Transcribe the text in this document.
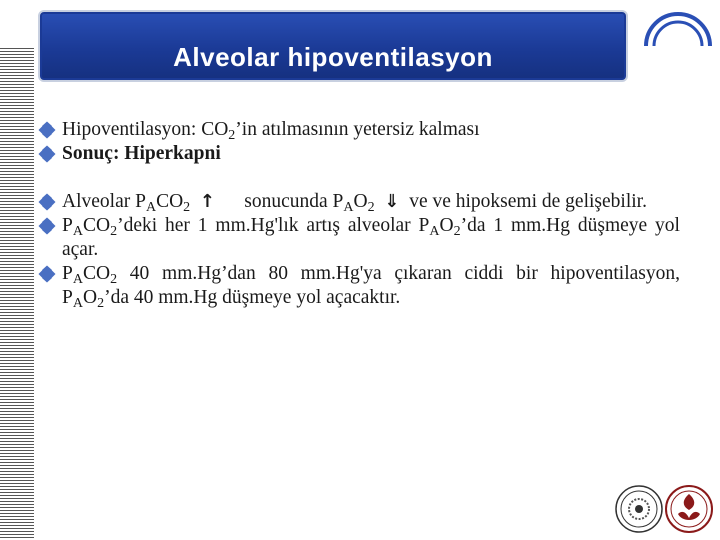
Alveolar hipoventilasyon
Hipoventilasyon: $CO_2’in$ atılmasının yetersiz kalması
Sonuç: Hiperkapni
Alveolar $P_ACO_2$ ↑ sonucunda $P_AO_2$ ⇓ ve ve hipoksemi de gelişebilir.
$P_ACO_2’deki$ her 1 mm.Hg'lık artış alveolar $P_AO_2’da$ 1 mm.Hg düşmeye yol açar.
$P_ACO_2$ 40 mm.Hg’dan 80 mm.Hg'ya çıkaran ciddi bir hipoventilasyon, $P_AO_2’da$ 40 mm.Hg düşmeye yol açacaktır.
